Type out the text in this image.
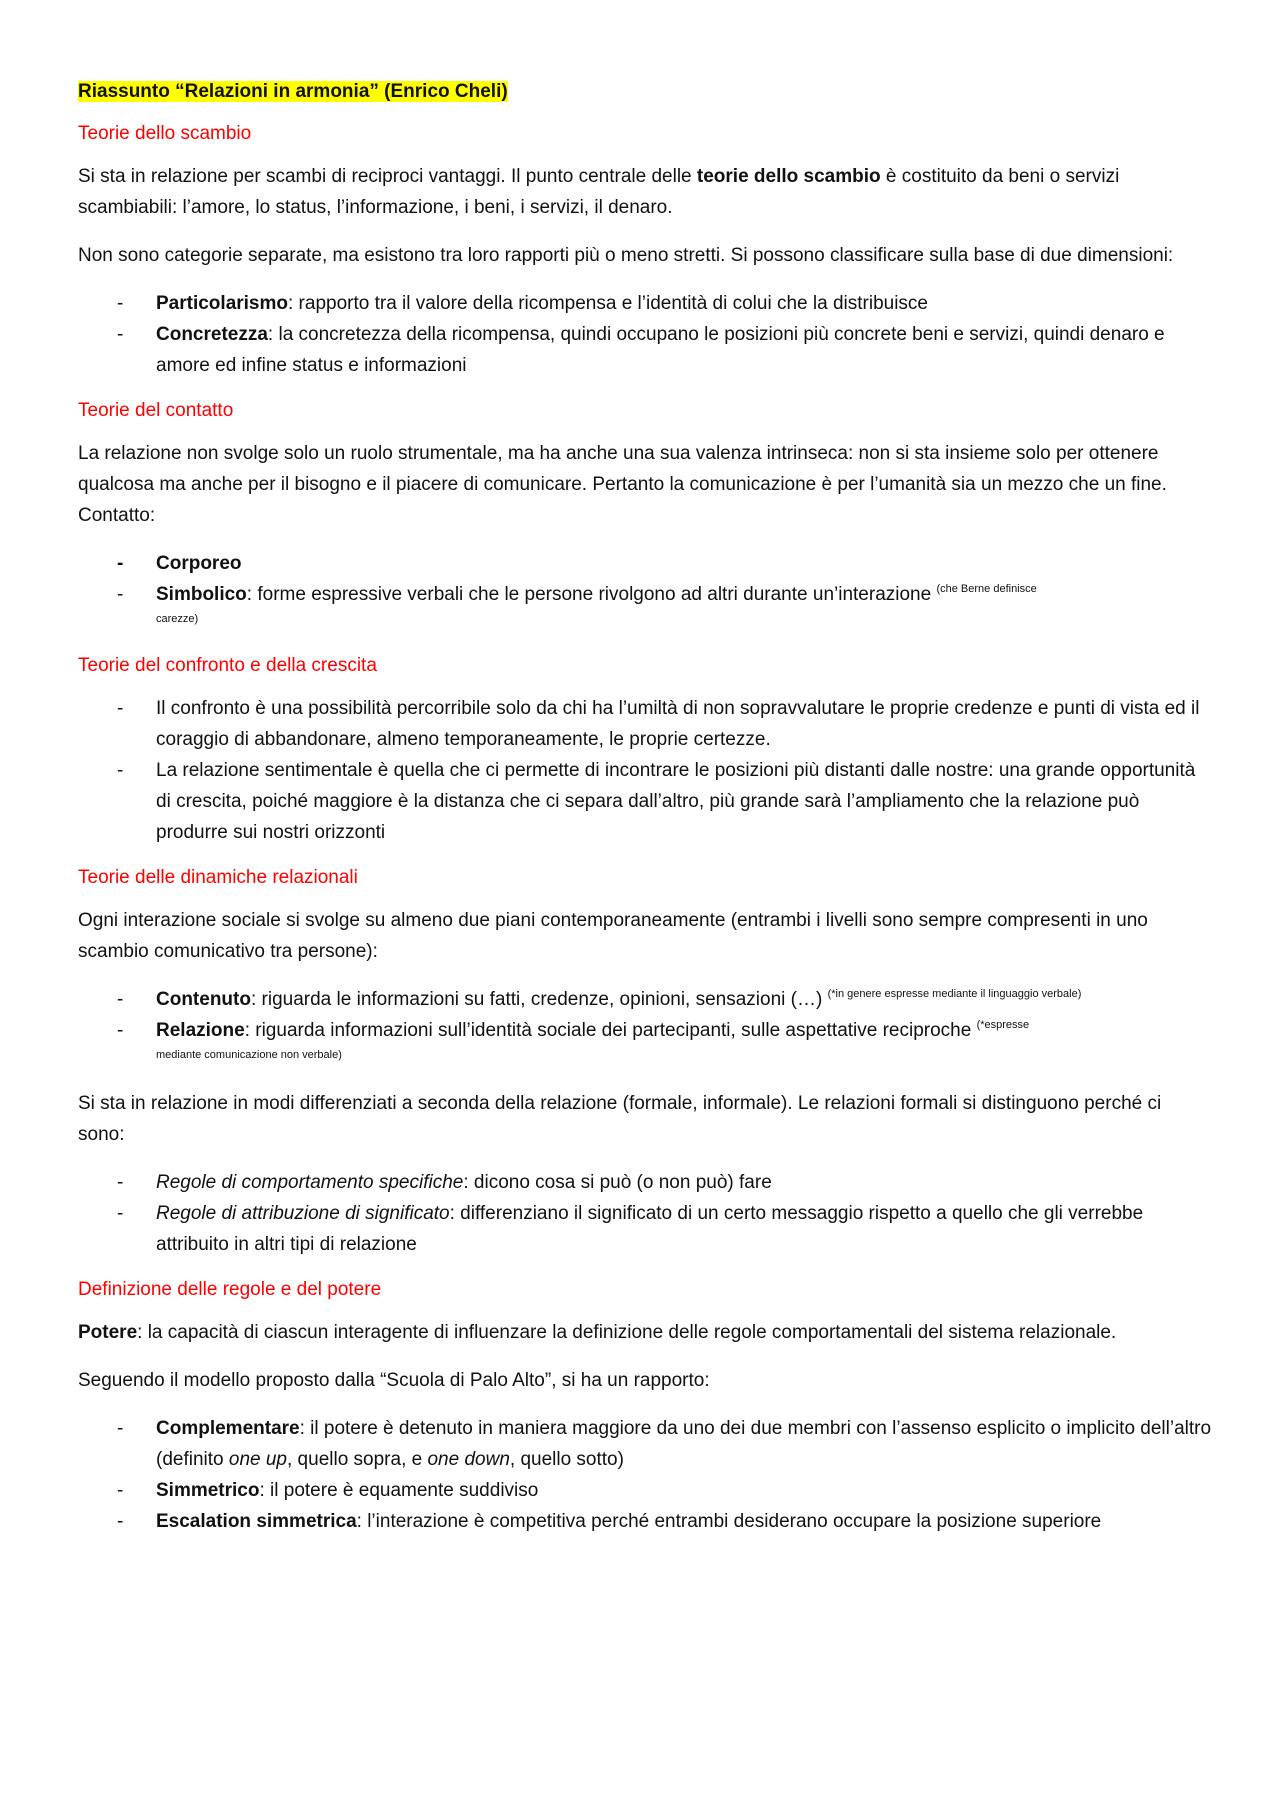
Riassunto “Relazioni in armonia” (Enrico Cheli)
Teorie dello scambio

Si sta in relazione per scambi di reciproci vantaggi. Il punto centrale delle teorie dello scambio è costituito da beni o servizi scambiabili: l’amore, lo status, l’informazione, i beni, i servizi, il denaro.

Non sono categorie separate, ma esistono tra loro rapporti più o meno stretti. Si possono classificare sulla base di due dimensioni:

- Particolarismo: rapporto tra il valore della ricompensa e l’identità di colui che la distribuisce
- Concretezza: la concretezza della ricompensa, quindi occupano le posizioni più concrete beni e servizi, quindi denaro e amore ed infine status e informazioni
Teorie del contatto

La relazione non svolge solo un ruolo strumentale, ma ha anche una sua valenza intrinseca: non si sta insieme solo per ottenere qualcosa ma anche per il bisogno e il piacere di comunicare. Pertanto la comunicazione è per l’umanità sia un mezzo che un fine. Contatto:

- Corporeo
- Simbolico: forme espressive verbali che le persone rivolgono ad altri durante un’interazione $^{(che Berne definisce}$
carezze)
Teorie del confronto e della crescita
- Il confronto è una possibilità percorribile solo da chi ha l’umiltà di non sopravvalutare le proprie credenze e punti di vista ed il coraggio di abbandonare, almeno temporaneamente, le proprie certezze.
- La relazione sentimentale è quella che ci permette di incontrare le posizioni più distanti dalle nostre: una grande opportunità di crescita, poiché maggiore è la distanza che ci separa dall’altro, più grande sarà l’ampliamento che la relazione può produrre sui nostri orizzonti
Teorie delle dinamiche relazionali

Ogni interazione sociale si svolge su almeno due piani contemporaneamente (entrambi i livelli sono sempre compresenti in uno scambio comunicativo tra persone):

- Contenuto: riguarda le informazioni su fatti, credenze, opinioni, sensazioni (…) $^{(*in genere espresse mediante il linguaggio verbale)}$
- Relazione: riguarda informazioni sull’identità sociale dei partecipanti, sulle aspettative reciproche $^{(*espresse}$
mediante comunicazione non verbale)

Si sta in relazione in modi differenziati a seconda della relazione (formale, informale). Le relazioni formali si distinguono perché ci sono:

- Regole di comportamento specifiche: dicono cosa si può (o non può) fare
- Regole di attribuzione di significato: differenziano il significato di un certo messaggio rispetto a quello che gli verrebbe attribuito in altri tipi di relazione
Definizione delle regole e del potere

Potere: la capacità di ciascun interagente di influenzare la definizione delle regole comportamentali del sistema relazionale.

Seguendo il modello proposto dalla “Scuola di Palo Alto”, si ha un rapporto:

- Complementare: il potere è detenuto in maniera maggiore da uno dei due membri con l’assenso esplicito o implicito dell’altro (definito one up, quello sopra, e one down, quello sotto)
- Simmetrico: il potere è equamente suddiviso
- Escalation simmetrica: l’interazione è competitiva perché entrambi desiderano occupare la posizione superiore
